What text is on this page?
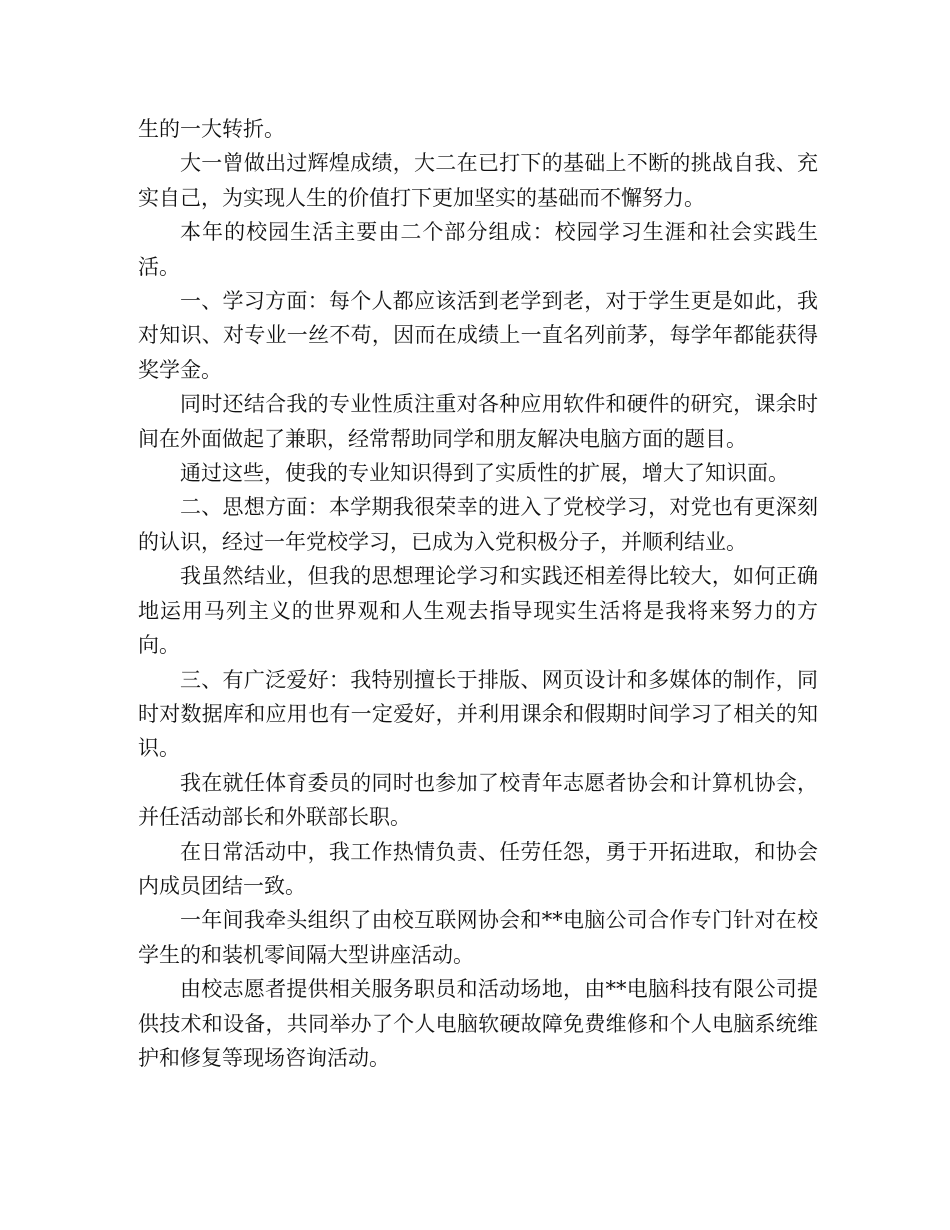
生的一大转折。

大一曾做出过辉煌成绩，大二在已打下的基础上不断的挑战自我、充实自己，为实现人生的价值打下更加坚实的基础而不懈努力。

本年的校园生活主要由二个部分组成：校园学习生涯和社会实践生活。

一、学习方面：每个人都应该活到老学到老，对于学生更是如此，我对知识、对专业一丝不苟，因而在成绩上一直名列前茅，每学年都能获得奖学金。

同时还结合我的专业性质注重对各种应用软件和硬件的研究，课余时间在外面做起了兼职，经常帮助同学和朋友解决电脑方面的题目。

通过这些，使我的专业知识得到了实质性的扩展，增大了知识面。

二、思想方面：本学期我很荣幸的进入了党校学习，对党也有更深刻的认识，经过一年党校学习，已成为入党积极分子，并顺利结业。

我虽然结业，但我的思想理论学习和实践还相差得比较大，如何正确地运用马列主义的世界观和人生观去指导现实生活将是我将来努力的方向。

三、有广泛爱好：我特别擅长于排版、网页设计和多媒体的制作，同时对数据库和应用也有一定爱好，并利用课余和假期时间学习了相关的知识。

我在就任体育委员的同时也参加了校青年志愿者协会和计算机协会，并任活动部长和外联部长职。

在日常活动中，我工作热情负责、任劳任怨，勇于开拓进取，和协会内成员团结一致。

一年间我牵头组织了由校互联网协会和**电脑公司合作专门针对在校学生的和装机零间隔大型讲座活动。

由校志愿者提供相关服务职员和活动场地，由**电脑科技有限公司提供技术和设备，共同举办了个人电脑软硬故障免费维修和个人电脑系统维护和修复等现场咨询活动。
